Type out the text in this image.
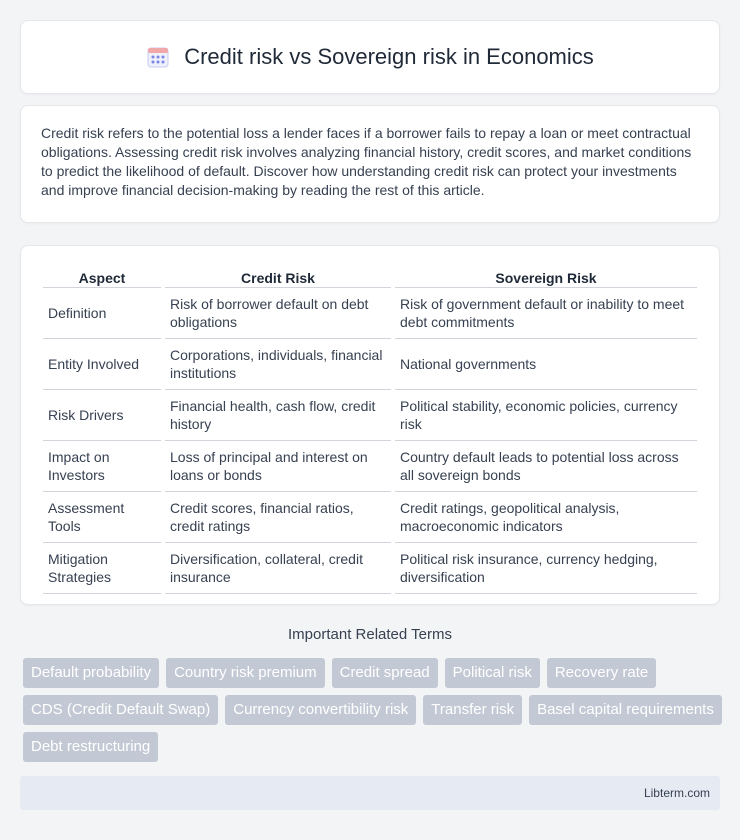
Credit risk vs Sovereign risk in Economics

Credit risk refers to the potential loss a lender faces if a borrower fails to repay a loan or meet contractual obligations. Assessing credit risk involves analyzing financial history, credit scores, and market conditions to predict the likelihood of default. Discover how understanding credit risk can protect your investments and improve financial decision-making by reading the rest of this article.

Aspect	Credit Risk	Sovereign Risk
Definition	Risk of borrower default on debt obligations	Risk of government default or inability to meet debt commitments
Entity Involved	Corporations, individuals, financial institutions	National governments
Risk Drivers	Financial health, cash flow, credit history	Political stability, economic policies, currency risk
Impact on Investors	Loss of principal and interest on loans or bonds	Country default leads to potential loss across all sovereign bonds
Assessment Tools	Credit scores, financial ratios, credit ratings	Credit ratings, geopolitical analysis, macroeconomic indicators
Mitigation Strategies	Diversification, collateral, credit insurance	Political risk insurance, currency hedging, diversification
Important Related Terms
Default probability	Country risk premium	Credit spread	Political risk	Recovery rate
CDS (Credit Default Swap)	Currency convertibility risk	Transfer risk	Basel capital requirements
Debt restructuring
Libterm.com
